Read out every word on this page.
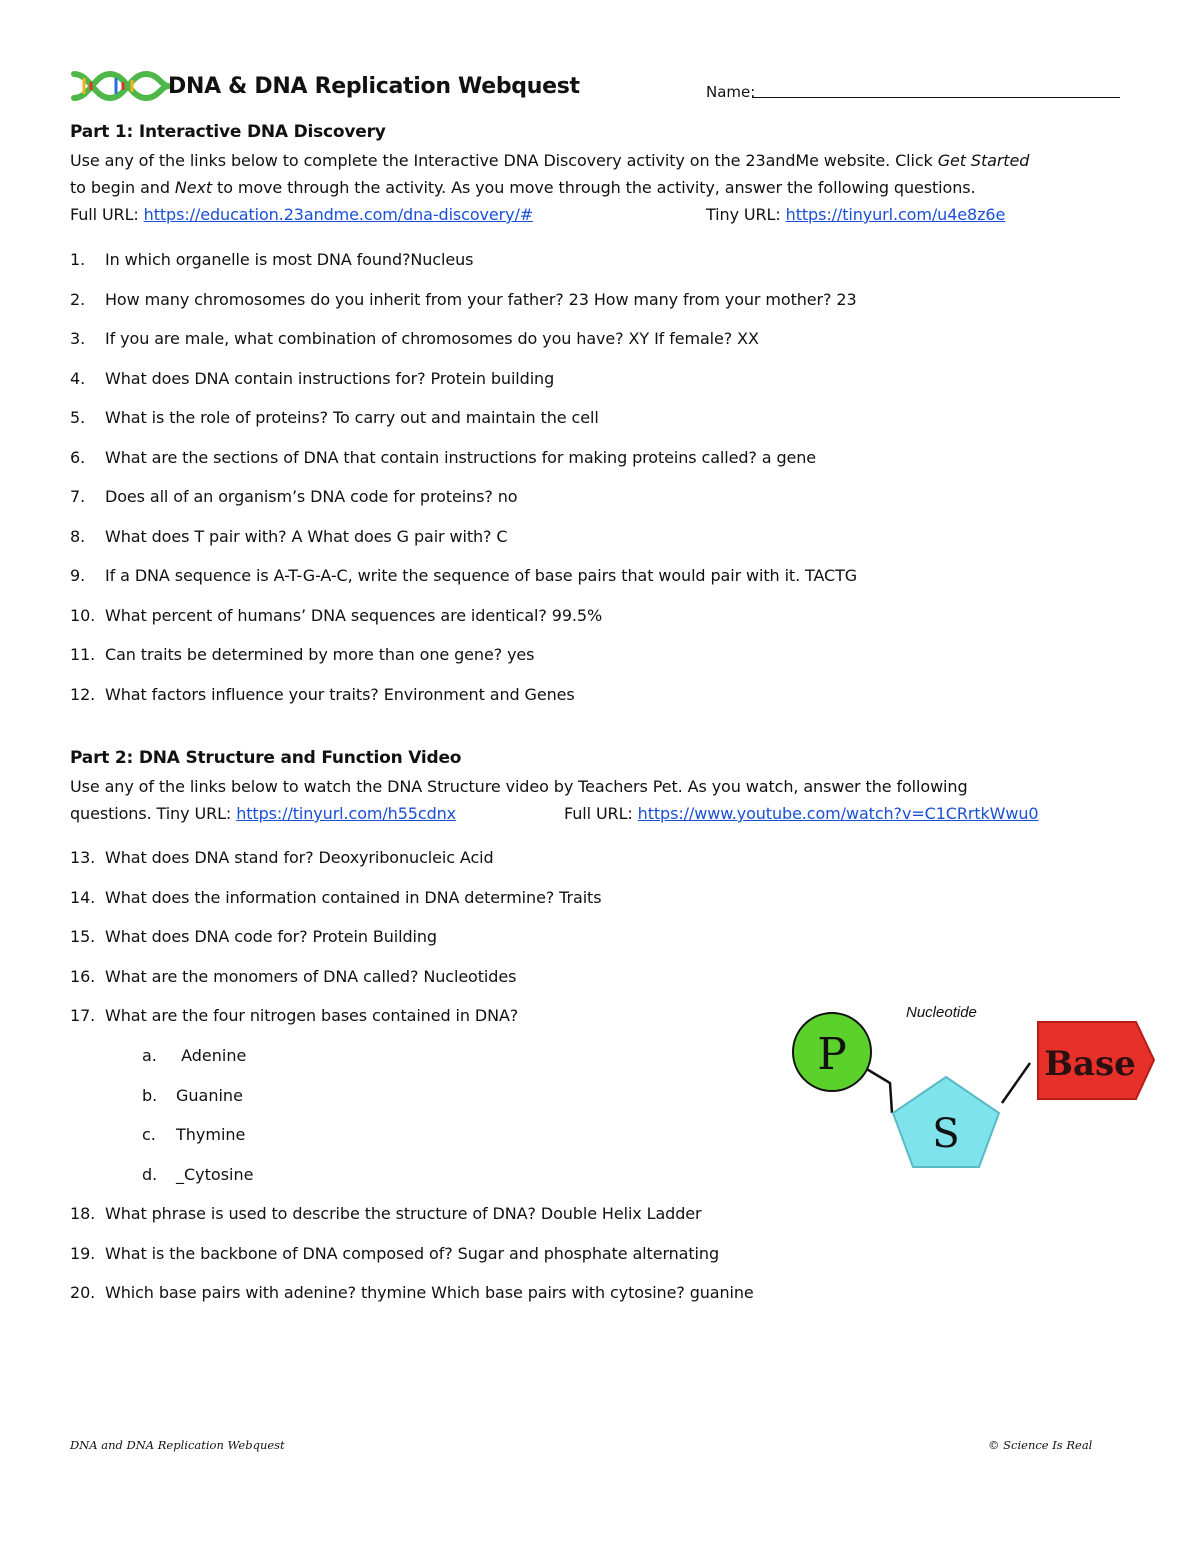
DNA & DNA Replication Webquest	Name:
Part 1: Interactive DNA Discovery
Use any of the links below to complete the Interactive DNA Discovery activity on the 23andMe website. Click Get Started
to begin and Next to move through the activity. As you move through the activity, answer the following questions.
Full URL: https://education.23andme.com/dna-discovery/#	Tiny URL: https://tinyurl.com/u4e8z6e
1. In which organelle is most DNA found?Nucleus
2. How many chromosomes do you inherit from your father? 23 How many from your mother? 23
3. If you are male, what combination of chromosomes do you have? XY If female? XX
4. What does DNA contain instructions for? Protein building
5. What is the role of proteins? To carry out and maintain the cell
6. What are the sections of DNA that contain instructions for making proteins called? a gene
7. Does all of an organism’s DNA code for proteins? no
8. What does T pair with? A What does G pair with? C
9. If a DNA sequence is A-T-G-A-C, write the sequence of base pairs that would pair with it. TACTG
10. What percent of humans’ DNA sequences are identical? 99.5%
11. Can traits be determined by more than one gene? yes
12. What factors influence your traits? Environment and Genes
Part 2: DNA Structure and Function Video
Use any of the links below to watch the DNA Structure video by Teachers Pet. As you watch, answer the following
questions. Tiny URL: https://tinyurl.com/h55cdnx	Full URL: https://www.youtube.com/watch?v=C1CRrtkWwu0
13. What does DNA stand for? Deoxyribonucleic Acid
14. What does the information contained in DNA determine? Traits
15. What does DNA code for? Protein Building
16. What are the monomers of DNA called? Nucleotides
17. What are the four nitrogen bases contained in DNA?
a. Adenine
b. Guanine
c. Thymine
d. _Cytosine
18. What phrase is used to describe the structure of DNA? Double Helix Ladder
19. What is the backbone of DNA composed of? Sugar and phosphate alternating
20. Which base pairs with adenine? thymine Which base pairs with cytosine? guanine
Nucleotide
P
S
Base
DNA and DNA Replication Webquest	© Science Is Real
